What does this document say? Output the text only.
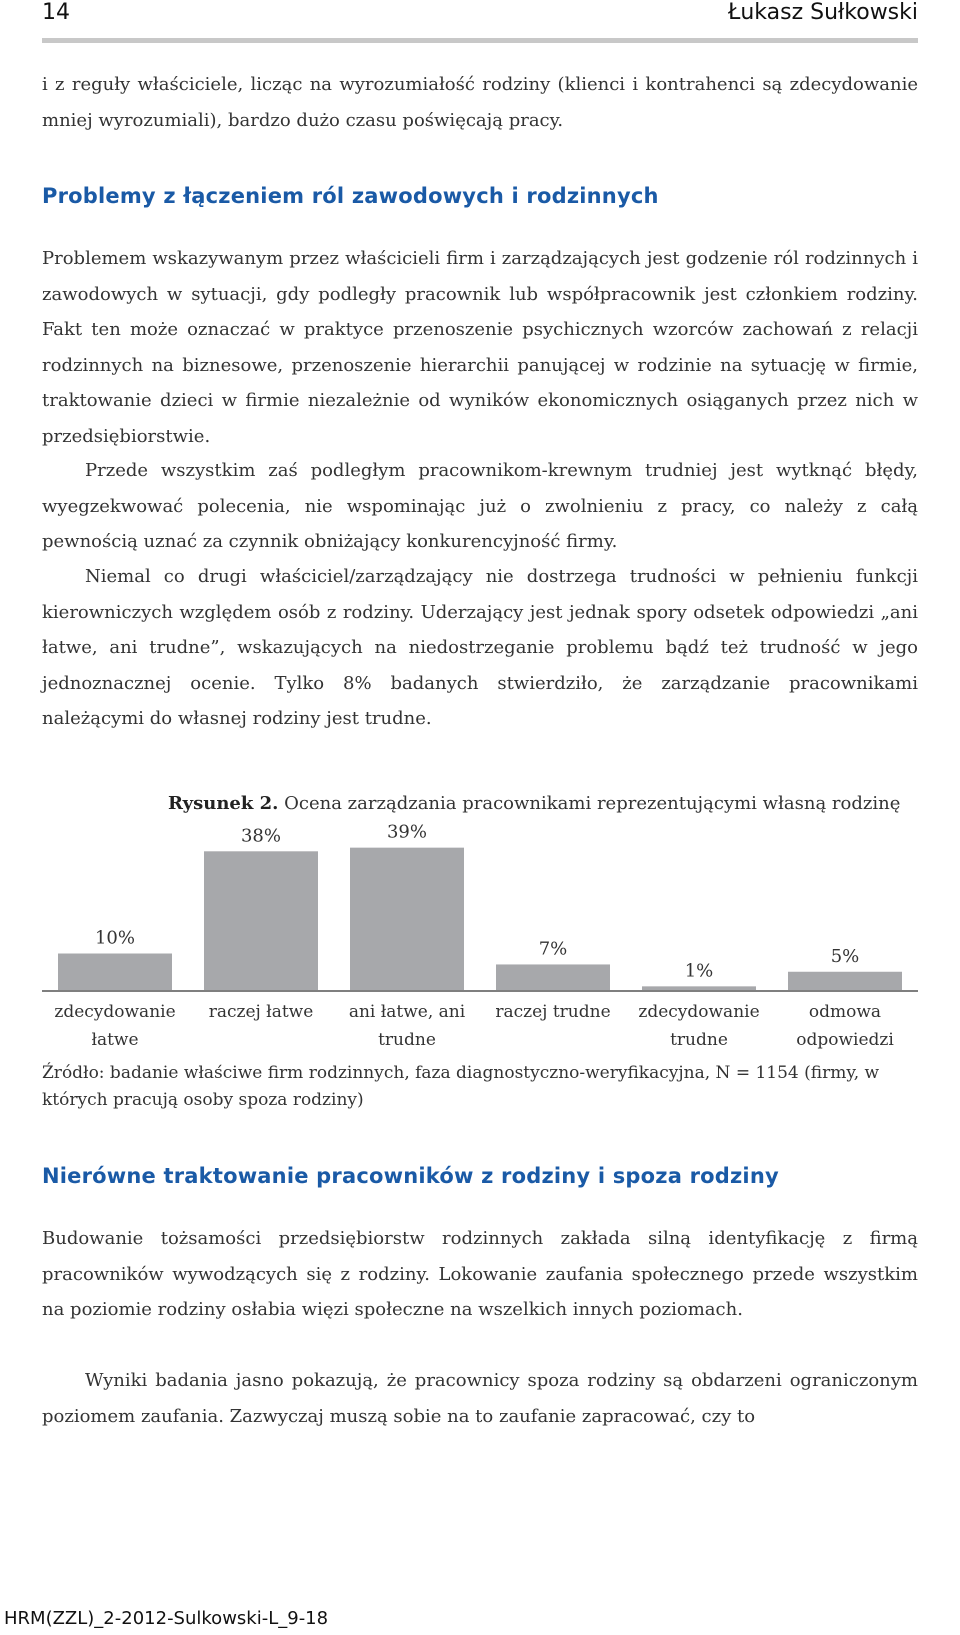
14	Łukasz Sułkowski

i z reguły właściciele, licząc na wyrozumiałość rodziny (klienci i kontrahenci są zdecydowanie mniej wyrozumiali), bardzo dużo czasu poświęcają pracy.

Problemy z łączeniem ról zawodowych i rodzinnych

Problemem wskazywanym przez właścicieli firm i zarządzających jest godzenie ról rodzinnych i zawodowych w sytuacji, gdy podległy pracownik lub współpracownik jest członkiem rodziny. Fakt ten może oznaczać w praktyce przenoszenie psychicznych wzorców zachowań z relacji rodzinnych na biznesowe, przenoszenie hierarchii panującej w rodzinie na sytuację w firmie, traktowanie dzieci w firmie niezależnie od wyników ekonomicznych osiąganych przez nich w przedsiębiorstwie.

Przede wszystkim zaś podległym pracownikom-krewnym trudniej jest wytknąć błędy, wyegzekwować polecenia, nie wspominając już o zwolnieniu z pracy, co należy z całą pewnością uznać za czynnik obniżający konkurencyjność firmy.

Niemal co drugi właściciel/zarządzający nie dostrzega trudności w pełnieniu funkcji kierowniczych względem osób z rodziny. Uderzający jest jednak spory odsetek odpowiedzi „ani łatwe, ani trudne”, wskazujących na niedostrzeganie problemu bądź też trudność w jego jednoznacznej ocenie. Tylko 8% badanych stwierdziło, że zarządzanie pracownikami należącymi do własnej rodziny jest trudne.

Rysunek 2. Ocena zarządzania pracownikami reprezentującymi własną rodzinę
10%
zdecydowanie
łatwe
38%
raczej łatwe
39%
ani łatwe, ani
trudne
7%
raczej trudne
1%
zdecydowanie
trudne
5%
odmowa
odpowiedzi
Źródło: badanie właściwe firm rodzinnych, faza diagnostyczno-weryfikacyjna, N = 1154 (firmy, w których pracują osoby spoza rodziny)
Nierówne traktowanie pracowników z rodziny i spoza rodziny

Budowanie tożsamości przedsiębiorstw rodzinnych zakłada silną identyfikację z firmą pracowników wywodzących się z rodziny. Lokowanie zaufania społecznego przede wszystkim na poziomie rodziny osłabia więzi społeczne na wszelkich innych poziomach.

Wyniki badania jasno pokazują, że pracownicy spoza rodziny są obdarzeni ograniczonym poziomem zaufania. Zazwyczaj muszą sobie na to zaufanie zapracować, czy to

HRM(ZZL)_2-2012-Sulkowski-L_9-18
